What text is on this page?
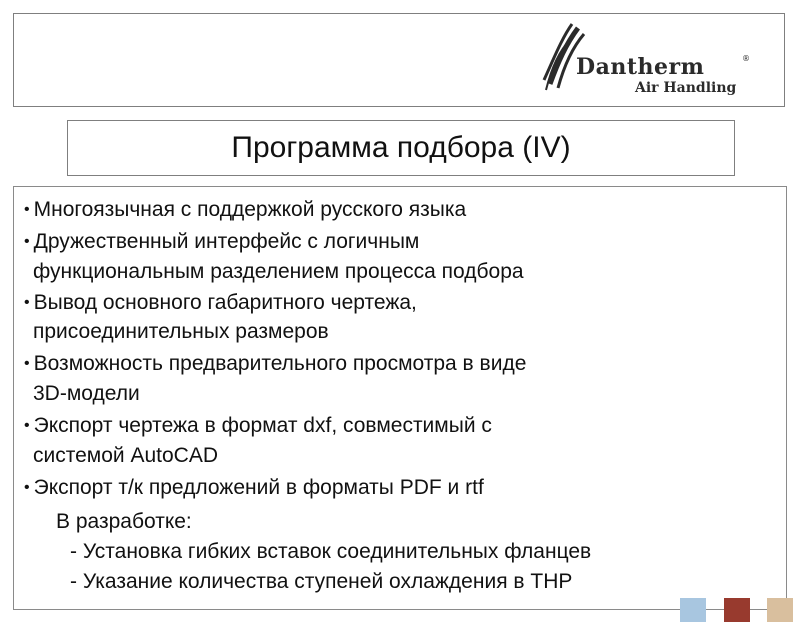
Dantherm	®
Air Handling
Программа подбора (IV)
• Многоязычная с поддержкой русского языка
• Дружественный интерфейс с логичным
функциональным разделением процесса подбора
• Вывод основного габаритного чертежа,
присоединительных размеров
• Возможность предварительного просмотра в виде
3D-модели
• Экспорт чертежа в формат dxf, совместимый с
системой AutoCAD
• Экспорт т/к предложений в форматы PDF и rtf
В разработке:
- Установка гибких вставок соединительных фланцев
- Указание количества ступеней охлаждения в THP
